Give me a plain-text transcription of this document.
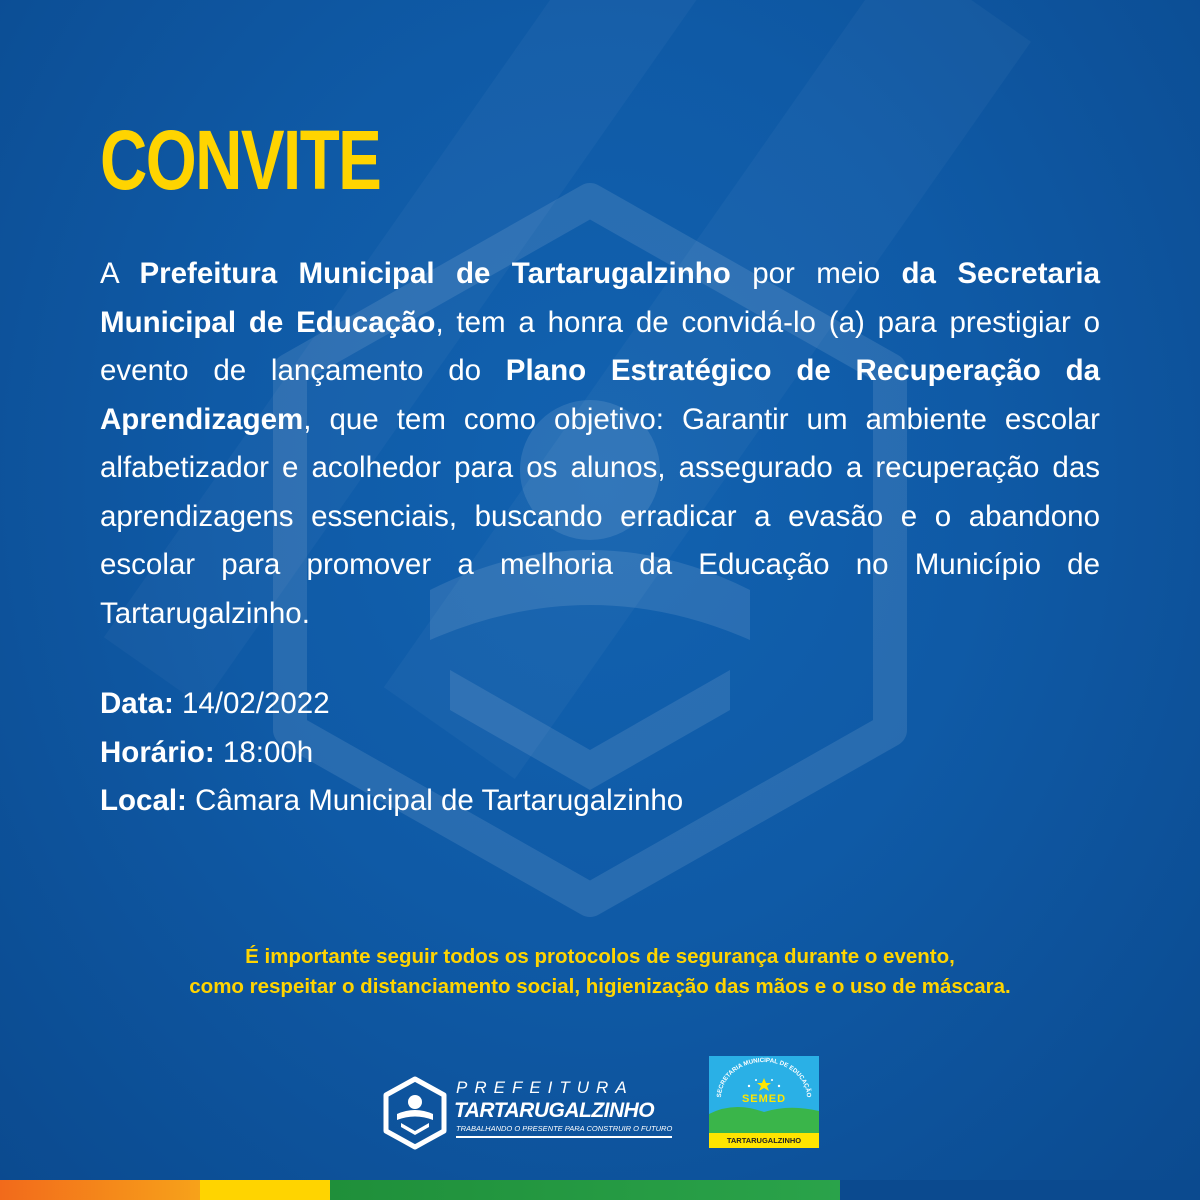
CONVITE

A Prefeitura Municipal de Tartarugalzinho por meio da Secretaria Municipal de Educação, tem a honra de convidá-lo (a) para prestigiar o evento de lançamento do Plano Estratégico de Recuperação da Aprendizagem, que tem como objetivo: Garantir um ambiente escolar alfabetizador e acolhedor para os alunos, assegurado a recuperação das aprendizagens essenciais, buscando erradicar a evasão e o abandono escolar para promover a melhoria da Educação no Município de Tartarugalzinho.

Data: 14/02/2022
Horário: 18:00h
Local: Câmara Municipal de Tartarugalzinho
É importante seguir todos os protocolos de segurança durante o evento,
como respeitar o distanciamento social, higienização das mãos e o uso de máscara.
PREFEITURA
TARTARUGALZINHO
TRABALHANDO O PRESENTE PARA CONSTRUIR O FUTURO
SECRETARIA MUNICIPAL DE EDUCAÇÃO
SEMED
TARTARUGALZINHO
